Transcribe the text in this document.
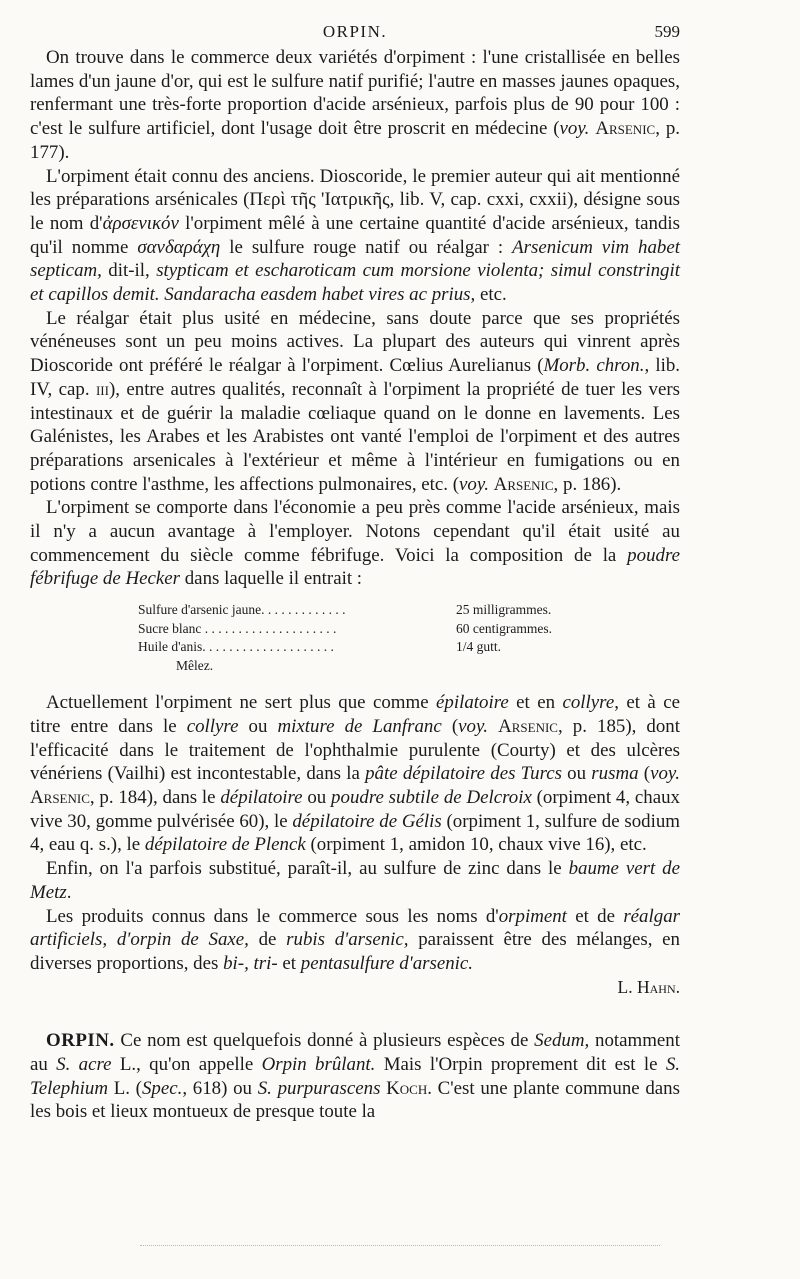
ORPIN.	599

On trouve dans le commerce deux variétés d'orpiment : l'une cristallisée en belles lames d'un jaune d'or, qui est le sulfure natif purifié; l'autre en masses jaunes opaques, renfermant une très-forte proportion d'acide arsénieux, parfois plus de 90 pour 100 : c'est le sulfure artificiel, dont l'usage doit être proscrit en médecine (voy. Arsenic, p. 177).

L'orpiment était connu des anciens. Dioscoride, le premier auteur qui ait mentionné les préparations arsénicales (Περὶ τῆς 'Ιατρικῆς, lib. V, cap. cxxi, cxxii), désigne sous le nom d'ἀρσενικόν l'orpiment mêlé à une certaine quantité d'acide arsénieux, tandis qu'il nomme σανδαράχη le sulfure rouge natif ou réalgar : Arsenicum vim habet septicam, dit-il, stypticam et escharoticam cum morsione violenta; simul constringit et capillos demit. Sandaracha easdem habet vires ac prius, etc.

Le réalgar était plus usité en médecine, sans doute parce que ses propriétés vénéneuses sont un peu moins actives. La plupart des auteurs qui vinrent après Dioscoride ont préféré le réalgar à l'orpiment. Cœlius Aurelianus (Morb. chron., lib. IV, cap. iii), entre autres qualités, reconnaît à l'orpiment la propriété de tuer les vers intestinaux et de guérir la maladie cœliaque quand on le donne en lavements. Les Galénistes, les Arabes et les Arabistes ont vanté l'emploi de l'orpiment et des autres préparations arsenicales à l'extérieur et même à l'intérieur en fumigations ou en potions contre l'asthme, les affections pulmonaires, etc. (voy. Arsenic, p. 186).

L'orpiment se comporte dans l'économie a peu près comme l'acide arsénieux, mais il n'y a aucun avantage à l'employer. Notons cependant qu'il était usité au commencement du siècle comme fébrifuge. Voici la composition de la poudre fébrifuge de Hecker dans laquelle il entrait :

Sulfure d'arsenic jaune. . . . . . . . . . . . .	25 milligrammes.
Sucre blanc . . . . . . . . . . . . . . . . . . . .	60 centigrammes.
Huile d'anis. . . . . . . . . . . . . . . . . . . .	1/4 gutt.
Mêlez.

Actuellement l'orpiment ne sert plus que comme épilatoire et en collyre, et à ce titre entre dans le collyre ou mixture de Lanfranc (voy. Arsenic, p. 185), dont l'efficacité dans le traitement de l'ophthalmie purulente (Courty) et des ulcères vénériens (Vailhi) est incontestable, dans la pâte dépilatoire des Turcs ou rusma (voy. Arsenic, p. 184), dans le dépilatoire ou poudre subtile de Delcroix (orpiment 4, chaux vive 30, gomme pulvérisée 60), le dépilatoire de Gélis (orpiment 1, sulfure de sodium 4, eau q. s.), le dépilatoire de Plenck (orpiment 1, amidon 10, chaux vive 16), etc.

Enfin, on l'a parfois substitué, paraît-il, au sulfure de zinc dans le baume vert de Metz.

Les produits connus dans le commerce sous les noms d'orpiment et de réalgar artificiels, d'orpin de Saxe, de rubis d'arsenic, paraissent être des mélanges, en diverses proportions, des bi-, tri- et pentasulfure d'arsenic.

L. Hahn.

ORPIN. Ce nom est quelquefois donné à plusieurs espèces de Sedum, notamment au S. acre L., qu'on appelle Orpin brûlant. Mais l'Orpin proprement dit est le S. Telephium L. (Spec., 618) ou S. purpurascens Koch. C'est une plante commune dans les bois et lieux montueux de presque toute la
